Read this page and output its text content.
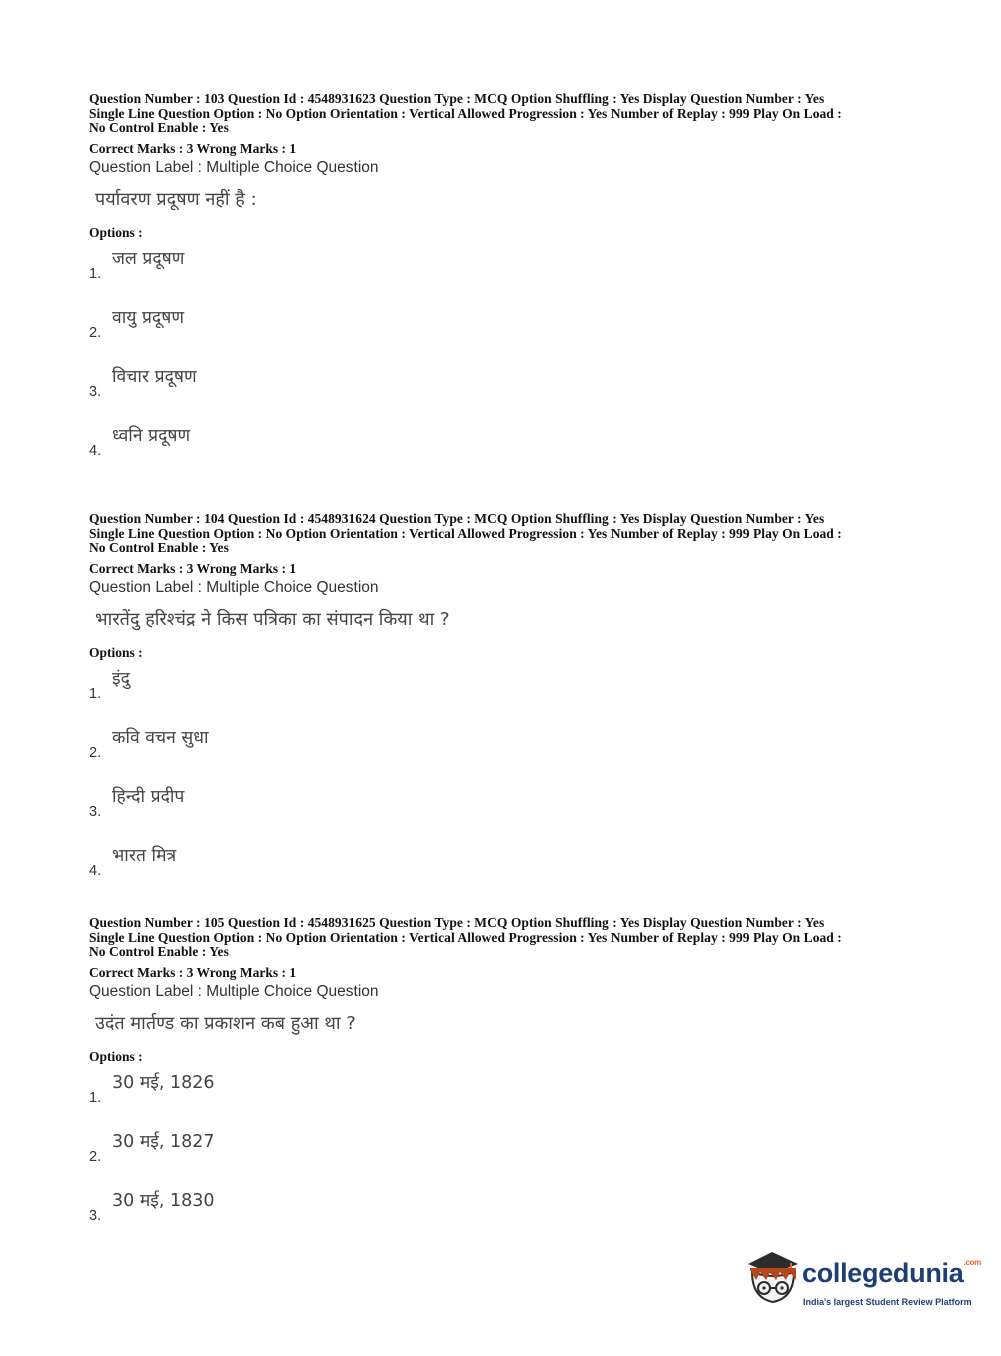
Question Number : 103 Question Id : 4548931623 Question Type : MCQ Option Shuffling : Yes Display Question Number : Yes
Single Line Question Option : No Option Orientation : Vertical Allowed Progression : Yes Number of Replay : 999 Play On Load :
No Control Enable : Yes
Correct Marks : 3 Wrong Marks : 1
Question Label : Multiple Choice Question
पर्यावरण प्रदूषण नहीं है :
Options :
1.
जल प्रदूषण
2.
वायु प्रदूषण
3.
विचार प्रदूषण
4.
ध्वनि प्रदूषण
Question Number : 104 Question Id : 4548931624 Question Type : MCQ Option Shuffling : Yes Display Question Number : Yes
Single Line Question Option : No Option Orientation : Vertical Allowed Progression : Yes Number of Replay : 999 Play On Load :
No Control Enable : Yes
Correct Marks : 3 Wrong Marks : 1
Question Label : Multiple Choice Question
भारतेंदु हरिश्चंद्र ने किस पत्रिका का संपादन किया था ?
Options :
1.
इंदु
2.
कवि वचन सुधा
3.
हिन्दी प्रदीप
4.
भारत मित्र
Question Number : 105 Question Id : 4548931625 Question Type : MCQ Option Shuffling : Yes Display Question Number : Yes
Single Line Question Option : No Option Orientation : Vertical Allowed Progression : Yes Number of Replay : 999 Play On Load :
No Control Enable : Yes
Correct Marks : 3 Wrong Marks : 1
Question Label : Multiple Choice Question
उदंत मार्तण्ड का प्रकाशन कब हुआ था ?
Options :
1.
30 मई, 1826
2.
30 मई, 1827
3.
30 मई, 1830
collegedunia$^{.com}$
India's largest Student Review Platform
